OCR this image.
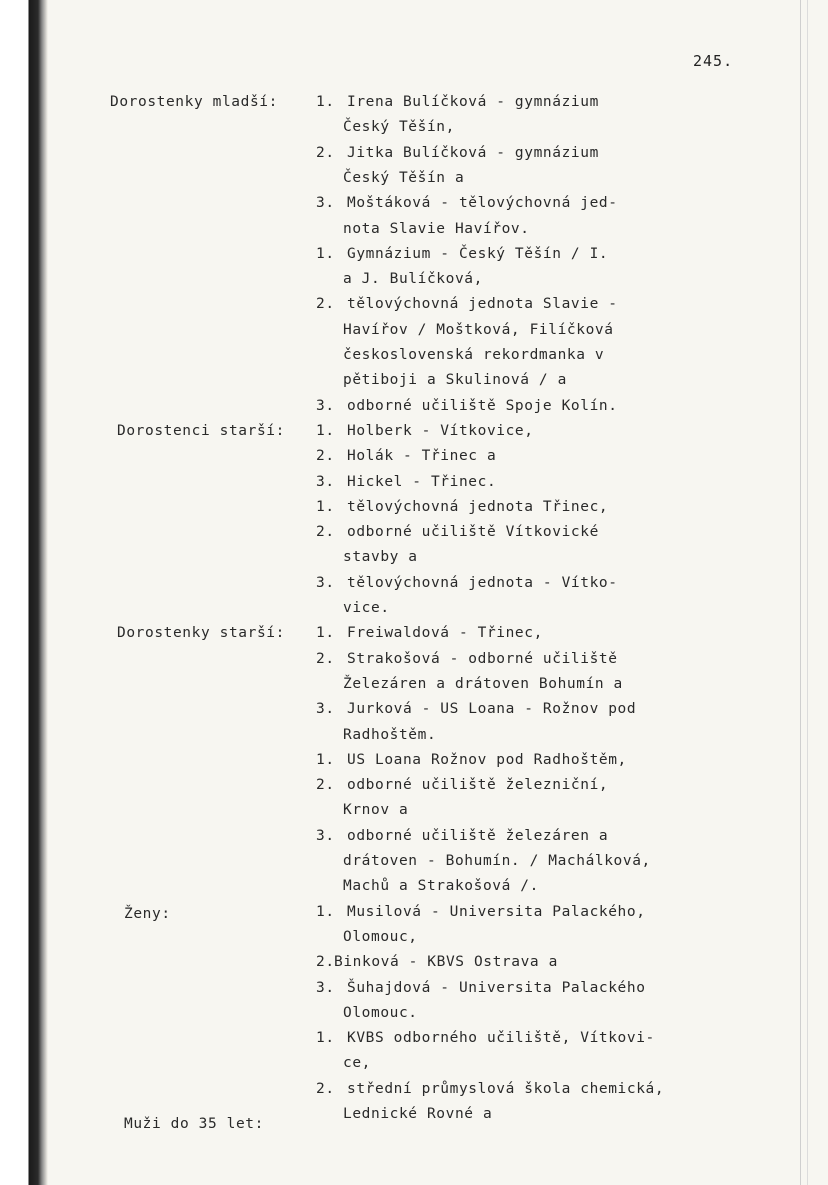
245.
Dorostenky mladší:	1. Irena Bulíčková - gymnázium
Český Těšín,
2. Jitka Bulíčková - gymnázium
Český Těšín a
3. Moštáková - tělovýchovná jed-
nota Slavie Havířov.
1. Gymnázium - Český Těšín / I.
a J. Bulíčková,
2. tělovýchovná jednota Slavie -
Havířov / Moštková, Filíčková
československá rekordmanka v
pětiboji a Skulinová / a
3. odborné učiliště Spoje Kolín.
Dorostenci starší: 1. Holberk - Vítkovice,
2. Holák - Třinec a
3. Hickel - Třinec.
1. tělovýchovná jednota Třinec,
2. odborné učiliště Vítkovické
stavby a
3. tělovýchovná jednota - Vítko-
vice.
Dorostenky starší: 1. Freiwaldová - Třinec,
2. Strakošová - odborné učiliště
Železáren a drátoven Bohumín a
3. Jurková - US Loana - Rožnov pod
Radhoštěm.
1. US Loana Rožnov pod Radhoštěm,
2. odborné učiliště železniční,
Krnov a
3. odborné učiliště železáren a
drátoven - Bohumín. / Machálková,
Machů a Strakošová /.
Ženy:	1. Musilová - Universita Palackého,
Olomouc,
2. Binková - KBVS Ostrava a
3. Šuhajdová - Universita Palackého
Olomouc.
1. KVBS odborného učiliště, Vítkovi-
ce,
2. střední průmyslová škola chemická,
Lednické Rovné a
Muži do 35 let:
